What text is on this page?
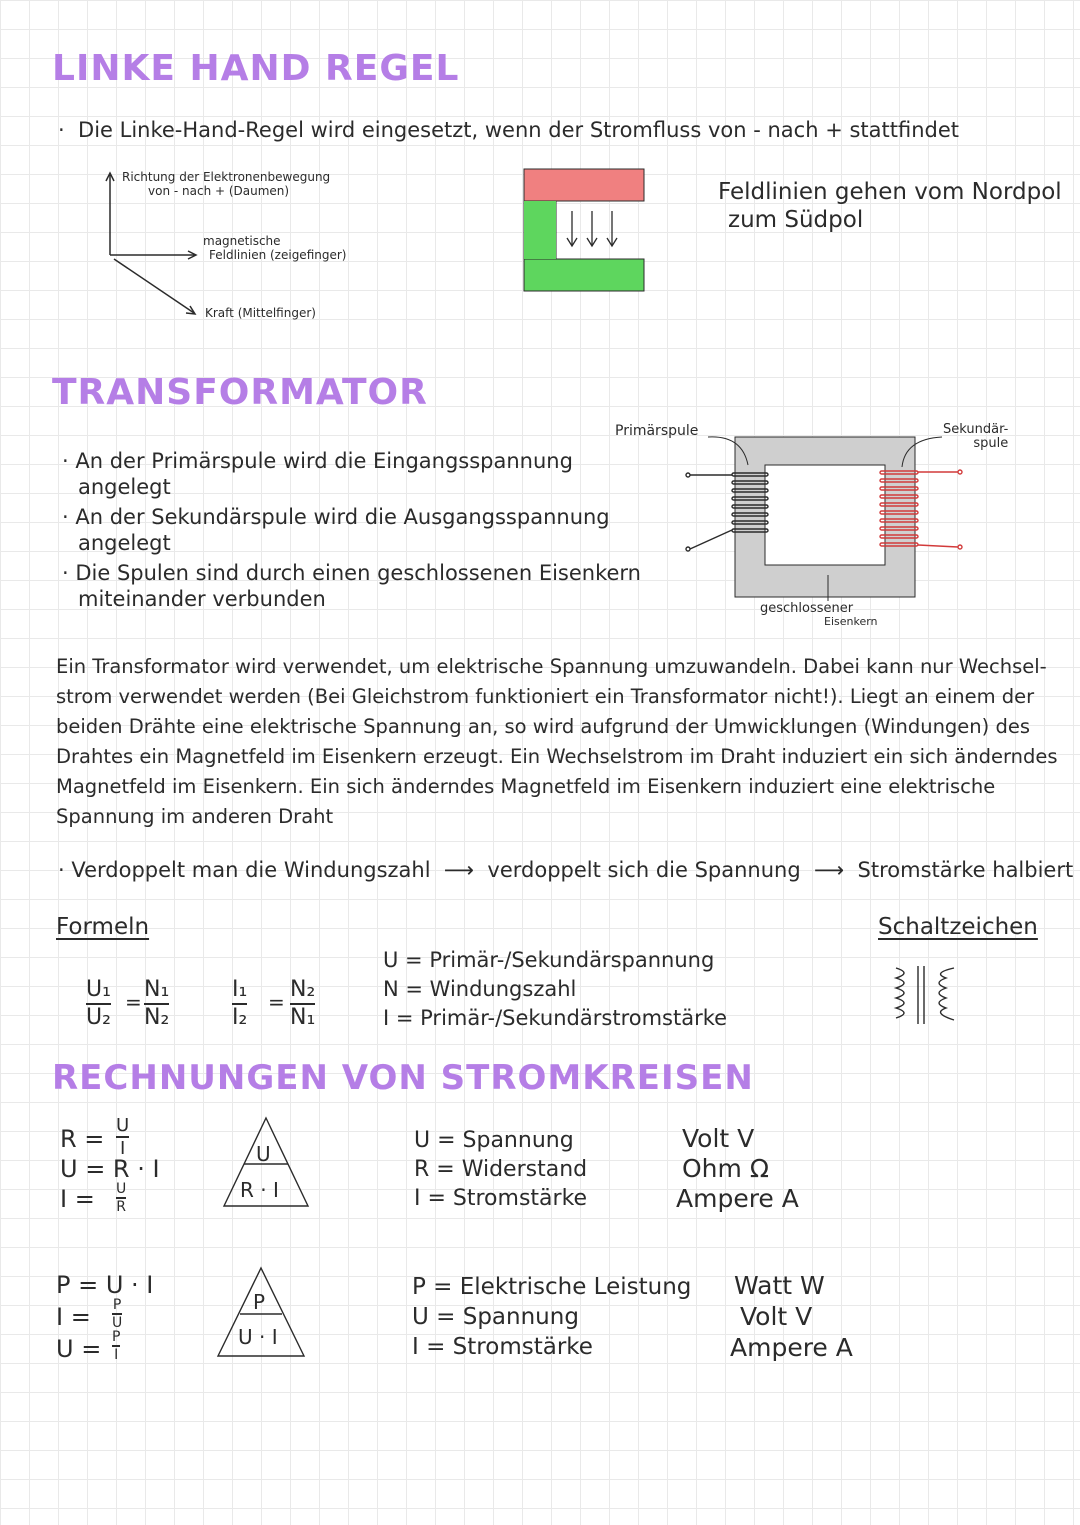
LINKE HAND REGEL
·  Die Linke-Hand-Regel wird eingesetzt, wenn der Stromfluss von - nach + stattfindet
Richtung der Elektronenbewegung
von - nach + (Daumen)
magnetische
Feldlinien (zeigefinger)
Kraft (Mittelfinger)
Feldlinien gehen vom Nordpol
zum Südpol
TRANSFORMATOR
· An der Primärspule wird die Eingangsspannung
angelegt
· An der Sekundärspule wird die Ausgangsspannung
angelegt
· Die Spulen sind durch einen geschlossenen Eisenkern
miteinander verbunden
Primärspule	Sekundär-
spule
geschlossener
Eisenkern
Ein Transformator wird verwendet, um elektrische Spannung umzuwandeln. Dabei kann nur Wechsel-
strom verwendet werden (Bei Gleichstrom funktioniert ein Transformator nicht!). Liegt an einem der
beiden Drähte eine elektrische Spannung an, so wird aufgrund der Umwicklungen (Windungen) des
Drahtes ein Magnetfeld im Eisenkern erzeugt. Ein Wechselstrom im Draht induziert ein sich änderndes
Magnetfeld im Eisenkern. Ein sich änderndes Magnetfeld im Eisenkern induziert eine elektrische
Spannung im anderen Draht
· Verdoppelt man die Windungszahl  ⟶  verdoppelt sich die Spannung  ⟶  Stromstärke halbiert
Formeln	Schaltzeichen
U₁
U₂
= N₁
N₂
I₁
I₂
= N₂
N₁
U = Primär-/Sekundärspannung
N = Windungszahl
I = Primär-/Sekundärstromstärke
RECHNUNGEN VON STROMKREISEN
R = U
I
U = R · I
I = U
R
U
R · I
U = Spannung
R = Widerstand
I = Stromstärke
Volt V
Ohm Ω
Ampere A
P = U · I
I = P
U
U = P
I
P
U · I
P = Elektrische Leistung
U = Spannung
I = Stromstärke
Watt W
Volt V
Ampere A
